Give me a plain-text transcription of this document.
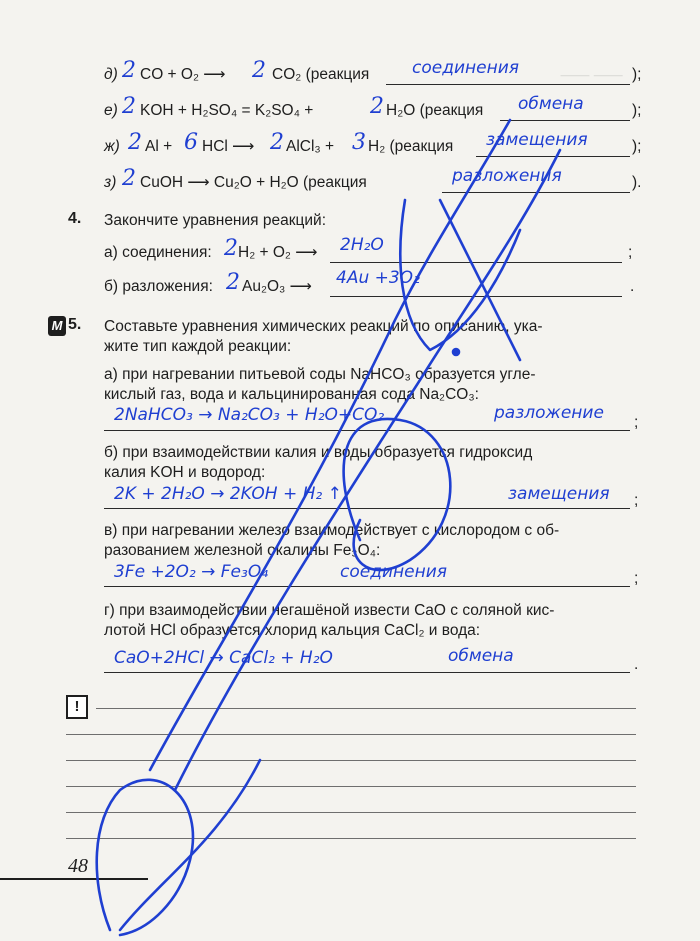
⸻ ⸻
д) 2 CO + O₂ ⟶	2 CO₂ (реакция	соединения	);
е) 2 KOH + H₂SO₄ = K₂SO₄ +	2 H₂O (реакция	обмена	);
ж) 2 Al + 6 HCl ⟶ 2 AlCl₃ + 3 H₂ (реакция	замещения	);
з) 2 CuOH ⟶ Cu₂O + H₂O (реакция	разложения	).
4. Закончите уравнения реакций:
а) соединения: 2 H₂ + O₂ ⟶	2H₂O	;
б) разложения: 2 Au₂O₃ ⟶	4Au +3O₂	.
М 5. Составьте уравнения химических реакций по описанию, ука-
жите тип каждой реакции:
а) при нагревании питьевой соды NaHCO₃ образуется угле-
кислый газ, вода и кальцинированная сода Na₂CO₃:
2NaHCO₃ → Na₂CO₃ + H₂O+CO₂	разложение ;
б) при взаимодействии калия и воды образуется гидроксид
калия KOH и водород:
2K + 2H₂O → 2KOH + H₂ ↑	замещения ;
в) при нагревании железо взаимодействует с кислородом с об-
разованием железной окалины Fe₃O₄:
3Fe +2O₂ → Fe₃O₄	соединения	;
г) при взаимодействии негашёной извести CaO с соляной кис-
лотой HCl образуется хлорид кальция CaCl₂ и вода:
CaO+2HCl → CaCl₂ + H₂O	обмена	.
!
48
